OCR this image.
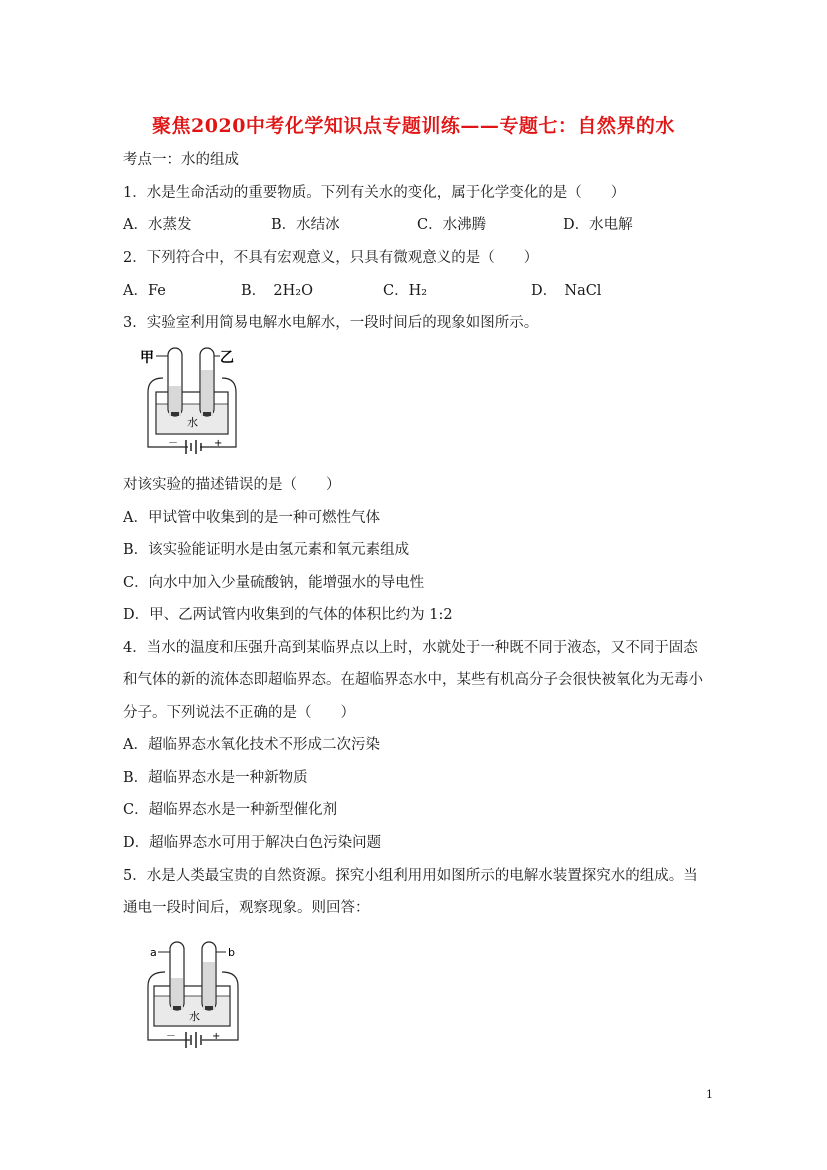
聚焦2020中考化学知识点专题训练——专题七：自然界的水
考点一：水的组成
1．水是生命活动的重要物质。下列有关水的变化，属于化学变化的是（　　）
A．水蒸发	B．水结冰	C．水沸腾	D．水电解
2．下列符合中，不具有宏观意义，只具有微观意义的是（　　）
A．Fe	B．　2H₂O	C．H₂	D．　NaCl
3．实验室利用简易电解水电解水，一段时间后的现象如图所示。
甲	乙
水
－	+
对该实验的描述错误的是（　　）
A．甲试管中收集到的是一种可燃性气体
B．该实验能证明水是由氢元素和氧元素组成
C．向水中加入少量硫酸钠，能增强水的导电性
D．甲、乙两试管内收集到的气体的体积比约为 1:2
4．当水的温度和压强升高到某临界点以上时，水就处于一种既不同于液态，又不同于固态
和气体的新的流体态即超临界态。在超临界态水中，某些有机高分子会很快被氧化为无毒小
分子。下列说法不正确的是（　　）
A．超临界态水氧化技术不形成二次污染
B．超临界态水是一种新物质
C．超临界态水是一种新型催化剂
D．超临界态水可用于解决白色污染问题
5．水是人类最宝贵的自然资源。探究小组利用用如图所示的电解水装置探究水的组成。当
通电一段时间后，观察现象。则回答：
a	b
水
－	+
1
